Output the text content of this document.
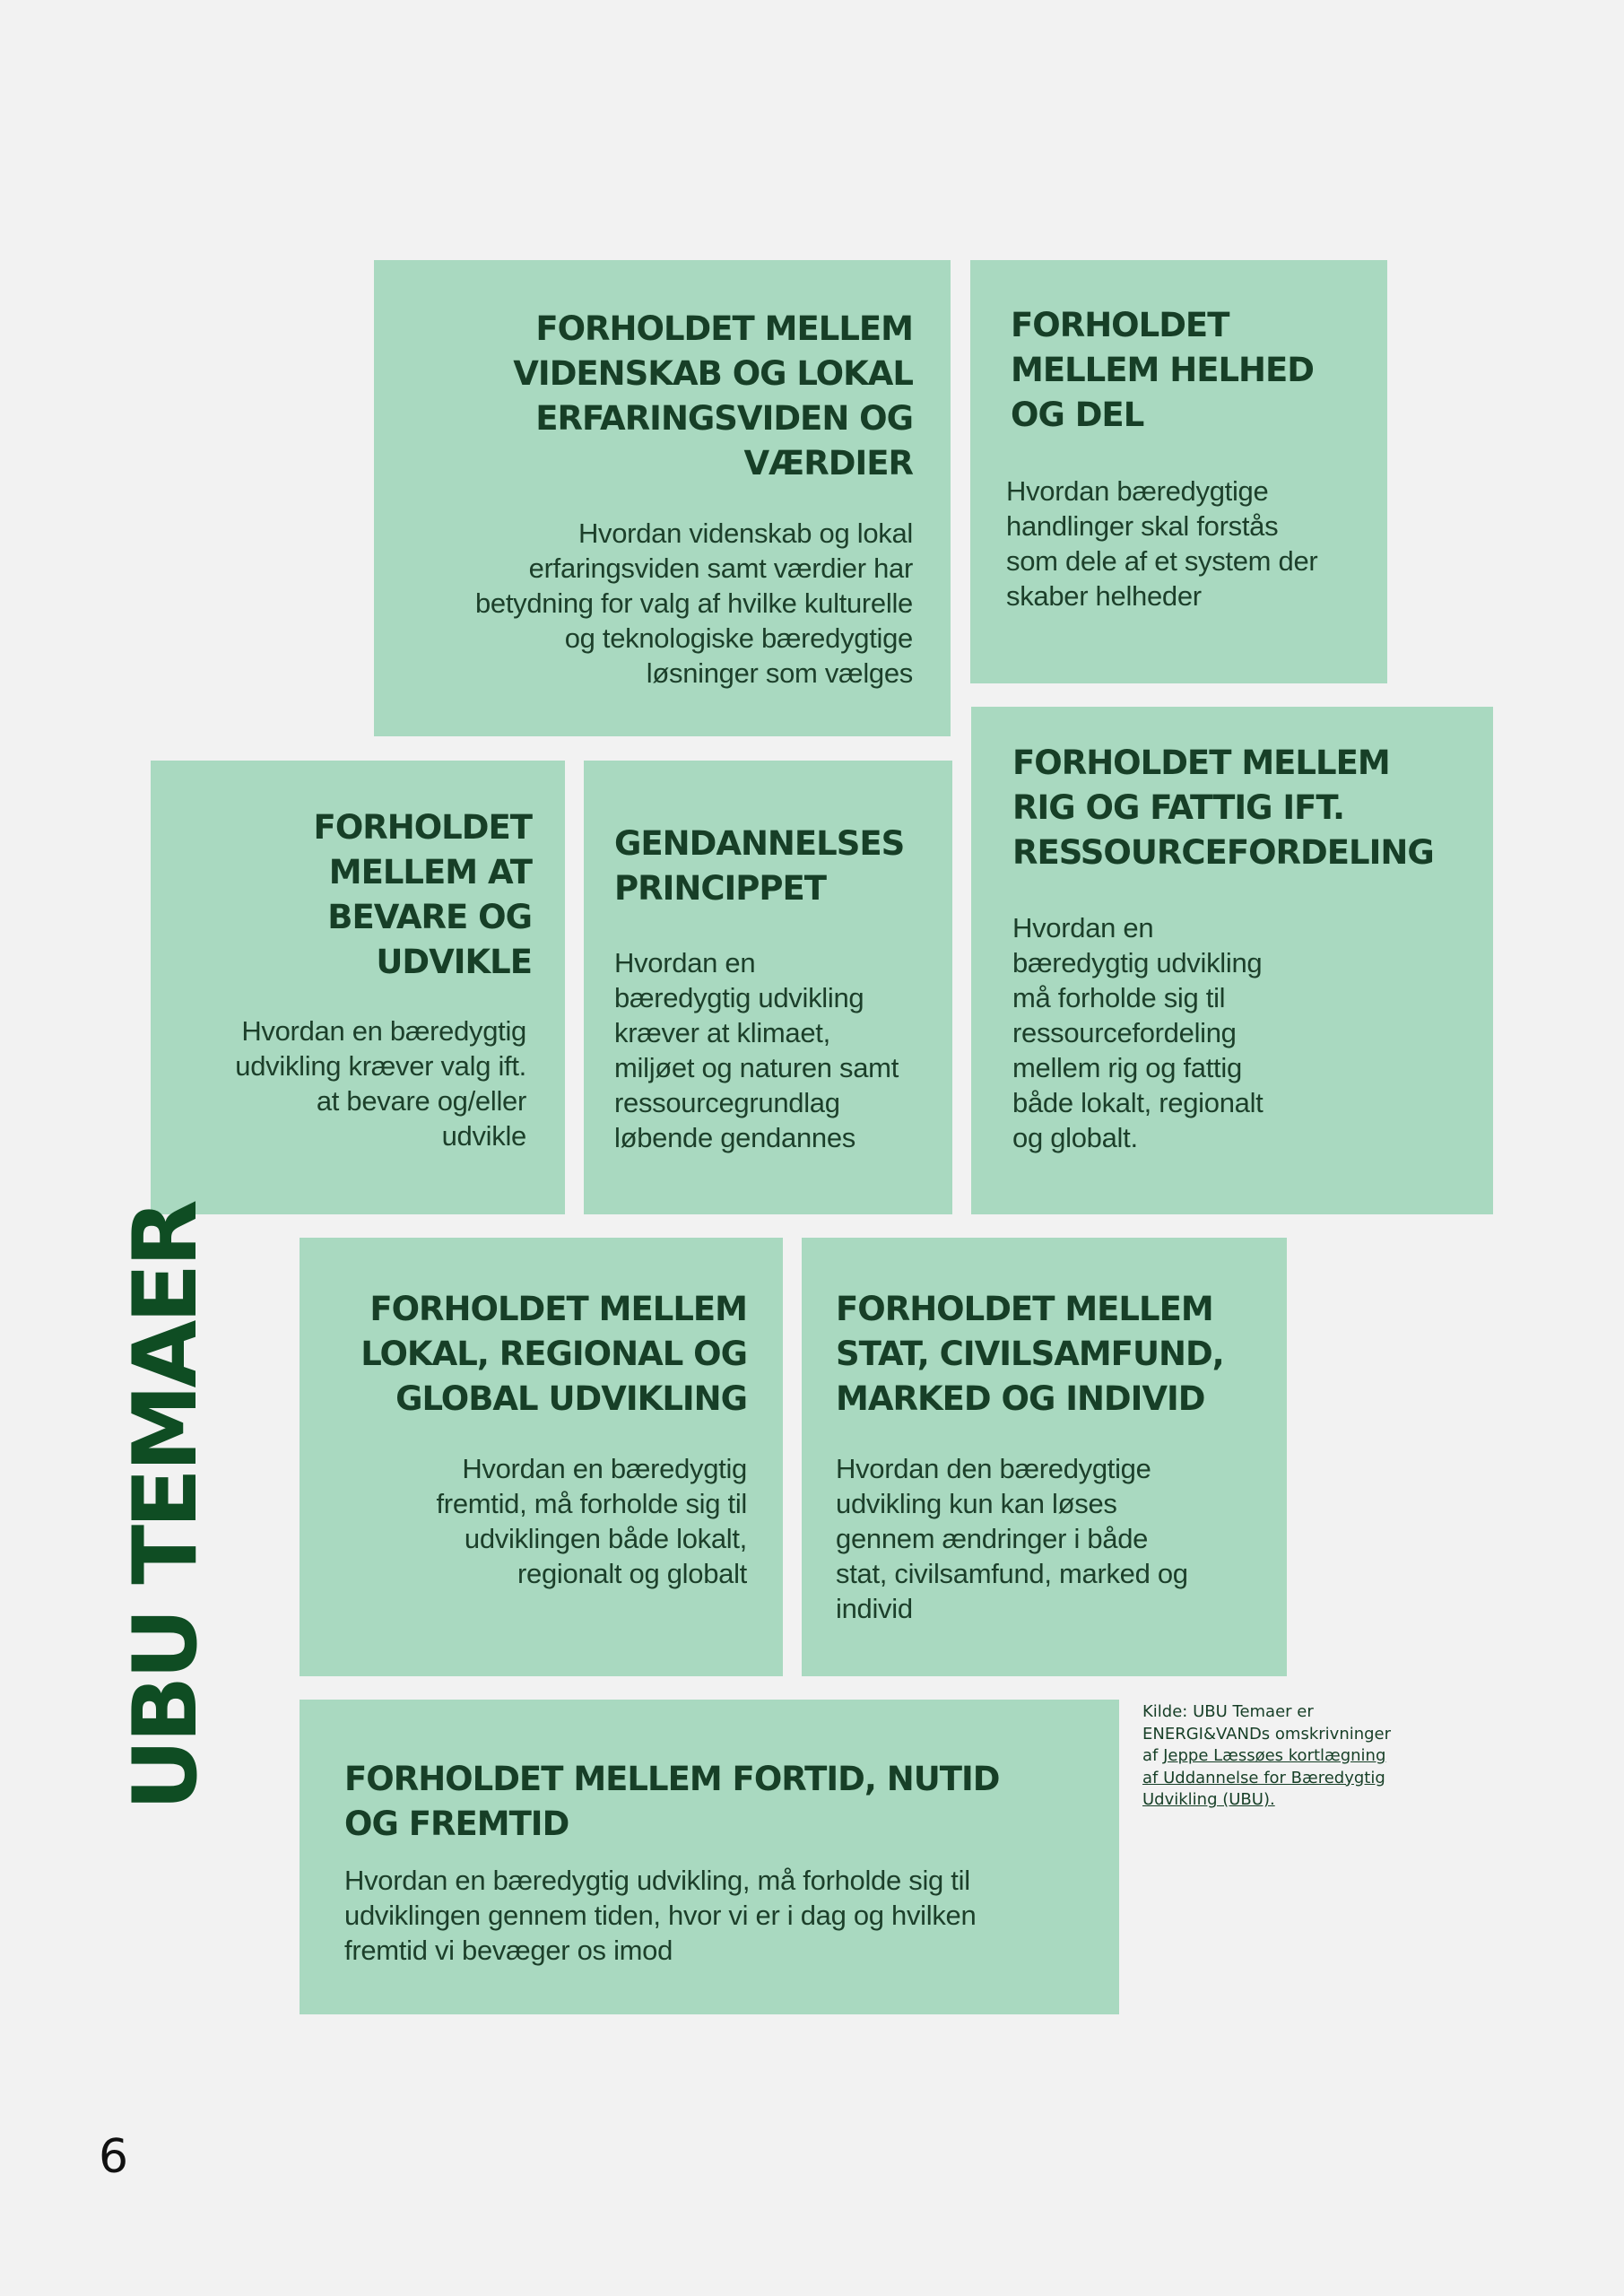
FORHOLDET MELLEM
VIDENSKAB OG LOKAL
ERFARINGSVIDEN OG
VÆRDIER

Hvordan videnskab og lokal
erfaringsviden samt værdier har
betydning for valg af hvilke kulturelle
og teknologiske bæredygtige
løsninger som vælges

FORHOLDET
MELLEM HELHED
OG DEL

Hvordan bæredygtige
handlinger skal forstås
som dele af et system der
skaber helheder

FORHOLDET
MELLEM AT
BEVARE OG
UDVIKLE

Hvordan en bæredygtig
udvikling kræver valg ift.
at bevare og/eller
udvikle

GENDANNELSES
PRINCIPPET

Hvordan en
bæredygtig udvikling
kræver at klimaet,
miljøet og naturen samt
ressourcegrundlag
løbende gendannes

FORHOLDET MELLEM
RIG OG FATTIG IFT.
RESSOURCEFORDELING

Hvordan en
bæredygtig udvikling
må forholde sig til
ressourcefordeling
mellem rig og fattig
både lokalt, regionalt
og globalt.

FORHOLDET MELLEM
LOKAL, REGIONAL OG
GLOBAL UDVIKLING

Hvordan en bæredygtig
fremtid, må forholde sig til
udviklingen både lokalt,
regionalt og globalt

FORHOLDET MELLEM
STAT, CIVILSAMFUND,
MARKED OG INDIVID

Hvordan den bæredygtige
udvikling kun kan løses
gennem ændringer i både
stat, civilsamfund, marked og
individ

FORHOLDET MELLEM FORTID, NUTID
OG FREMTID

Hvordan en bæredygtig udvikling, må forholde sig til
udviklingen gennem tiden, hvor vi er i dag og hvilken
fremtid vi bevæger os imod

UBU TEMAER	Kilde: UBU Temaer er ENERGI&VANDs omskrivninger af Jeppe Læssøes kortlægning af Uddannelse for Bæredygtig Udvikling (UBU).
6
